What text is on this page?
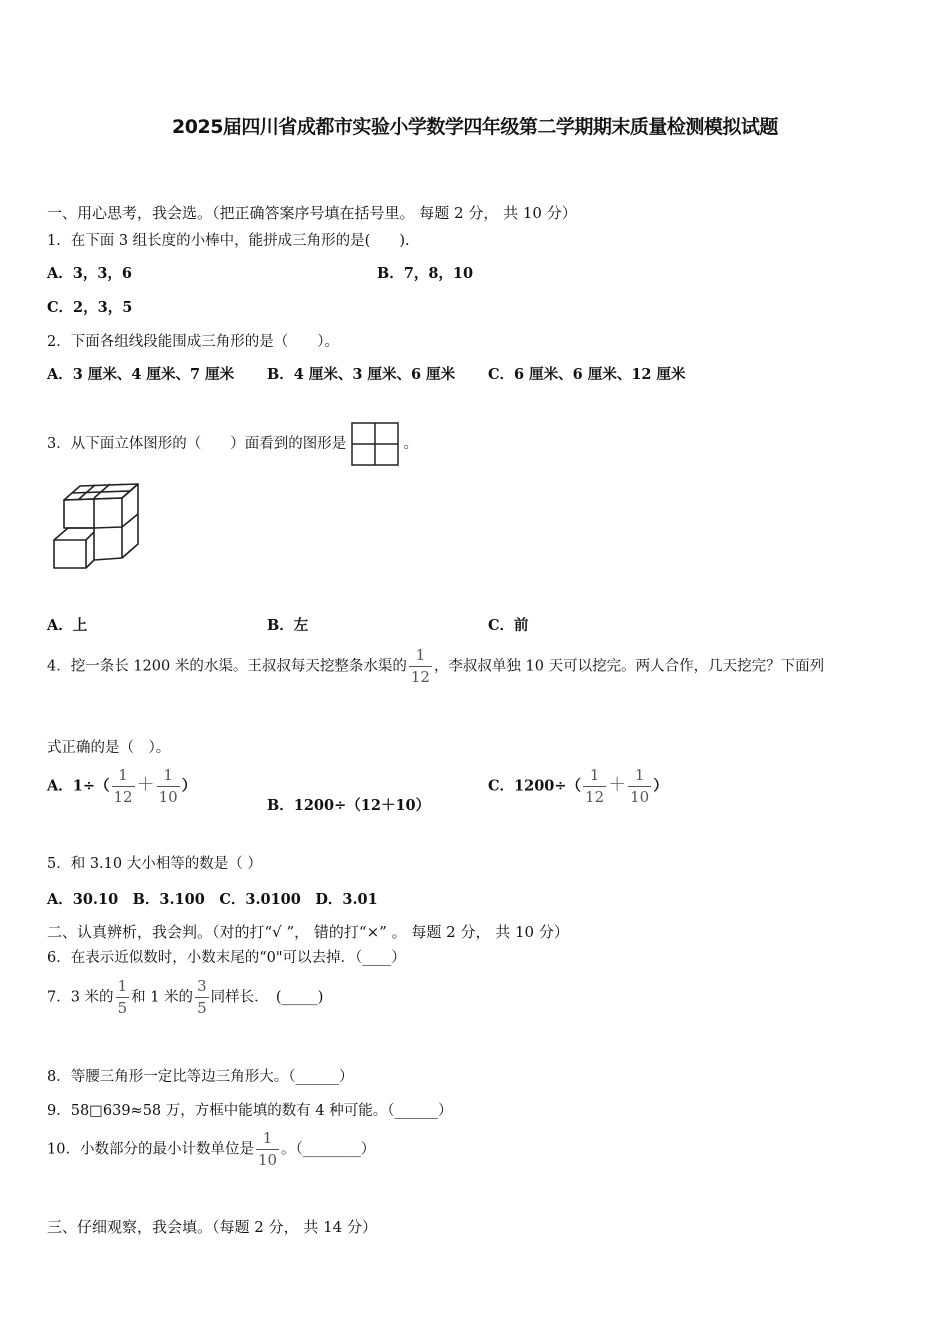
2025届四川省成都市实验小学数学四年级第二学期期末质量检测模拟试题
一、用心思考，我会选。（把正确答案序号填在括号里。 每题 2 分， 共 10 分）
1．在下面 3 组长度的小棒中，能拼成三角形的是(　　).
A．3，3，6	B．7，8，10
C．2，3，5
2．下面各组线段能围成三角形的是（　　）。
A．3 厘米、4 厘米、7 厘米 B．4 厘米、3 厘米、6 厘米 C．6 厘米、6 厘米、12 厘米
3．从下面立体图形的（　　）面看到的图形是	。
A．上	B．左	C．前
4．挖一条长 1200 米的水渠。王叔叔每天挖整条水渠的 $\frac{1}{12}$ ，李叔叔单独 10 天可以挖完。两人合作，几天挖完？下面列
式正确的是（　）。
A．$1\div( \frac{1}{12} + \frac{1}{10}$ ）
B．1200÷（12＋10）
C．$1200\div( \frac{1}{12} + \frac{1}{10}$ ）
5．和 3.10 大小相等的数是（ ）
A．30.10　B．3.100　C．3.0100　D．3.01
二、认真辨析，我会判。（对的打“√ ”， 错的打“×” 。 每题 2 分， 共 10 分）
6．在表示近似数时，小数末尾的“0"可以去掉．（____）
7．3 米的 $\frac{1}{5}$ 和 1 米的 $\frac{3}{5}$ 同样长．　(_____)
8．等腰三角形一定比等边三角形大。（______）
9．58□639≈58 万，方框中能填的数有 4 种可能。（______）
10．小数部分的最小计数单位是 $\frac{1}{10}$ 。（________）
三、仔细观察，我会填。（每题 2 分， 共 14 分）
